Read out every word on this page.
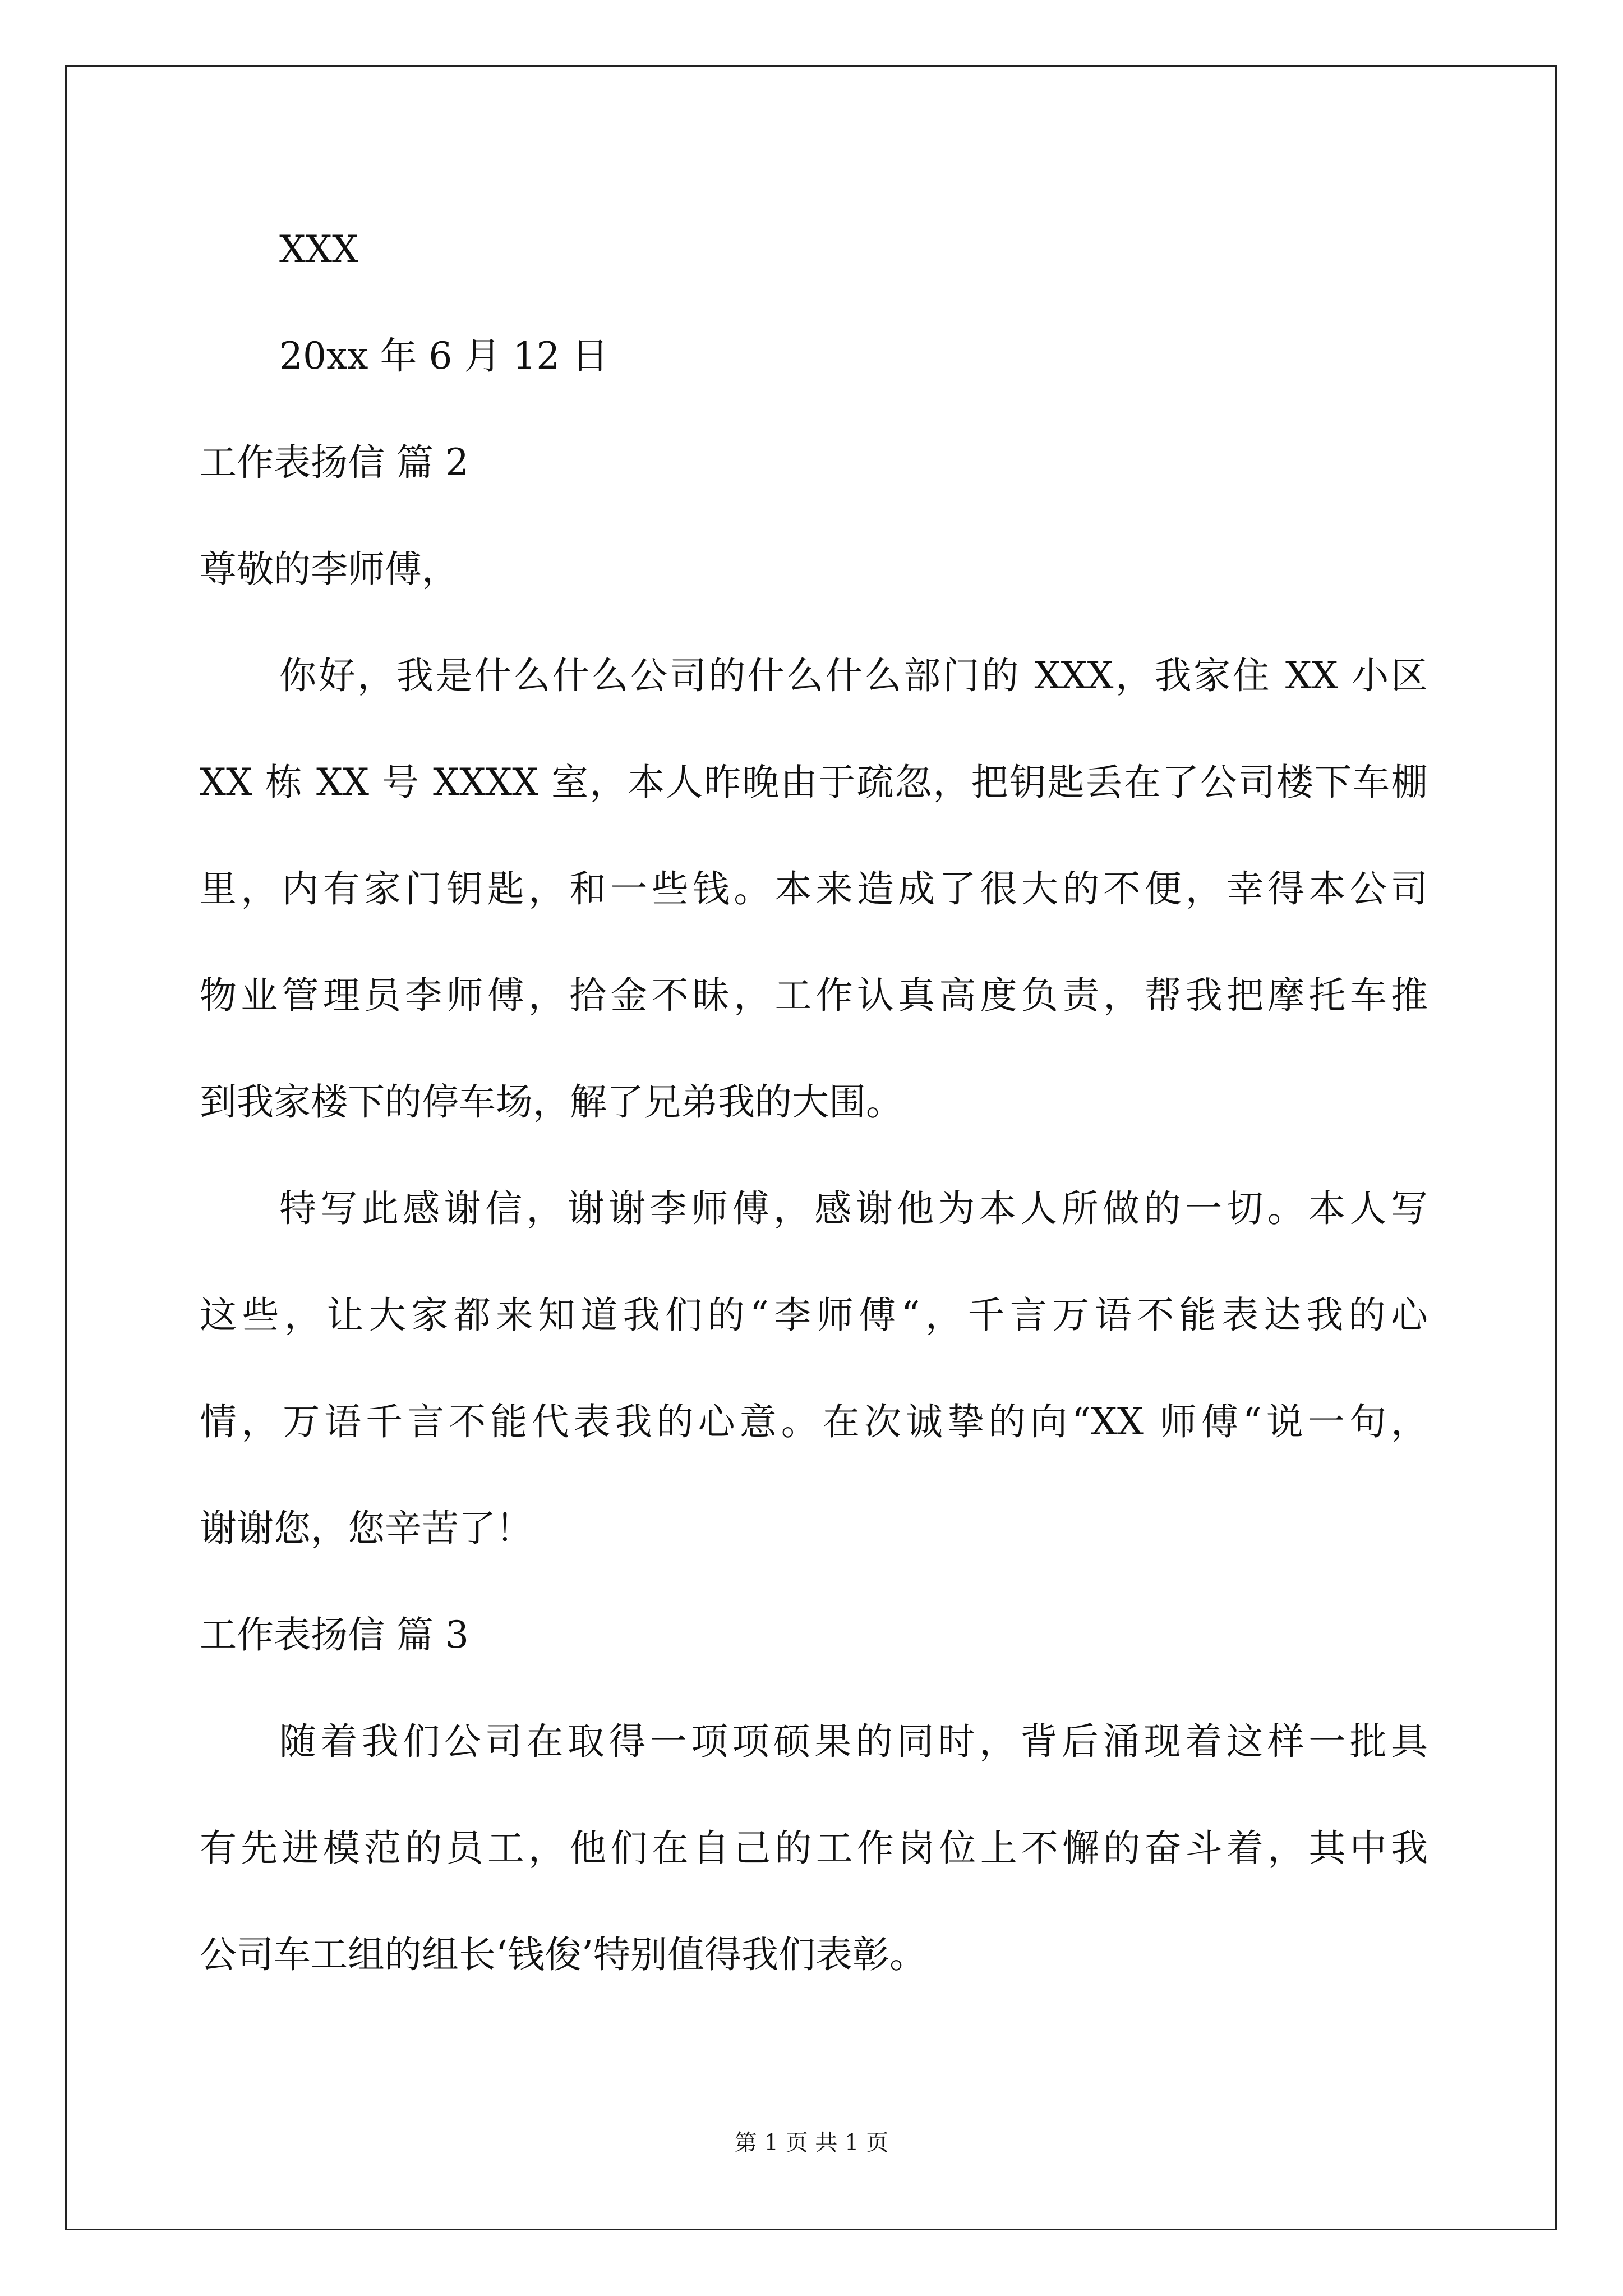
XXX
20xx 年 6 月 12 日
工作表扬信 篇 2
尊敬的李师傅，
你好，我是什么什么公司的什么什么部门的 XXX，我家住 XX 小区
XX 栋 XX 号 XXXX 室，本人昨晚由于疏忽，把钥匙丢在了公司楼下车棚
里，内有家门钥匙，和一些钱。本来造成了很大的不便，幸得本公司
物业管理员李师傅，拾金不昧，工作认真高度负责，帮我把摩托车推
到我家楼下的停车场，解了兄弟我的大围。
特写此感谢信，谢谢李师傅，感谢他为本人所做的一切。本人写
这些，让大家都来知道我们的“李师傅“，千言万语不能表达我的心
情，万语千言不能代表我的心意。在次诚挚的向“XX 师傅“说一句，
谢谢您，您辛苦了！
工作表扬信 篇 3
随着我们公司在取得一项项硕果的同时，背后涌现着这样一批具
有先进模范的员工，他们在自己的工作岗位上不懈的奋斗着，其中我
公司车工组的组长‘钱俊’特别值得我们表彰。
第 1 页 共 1 页
